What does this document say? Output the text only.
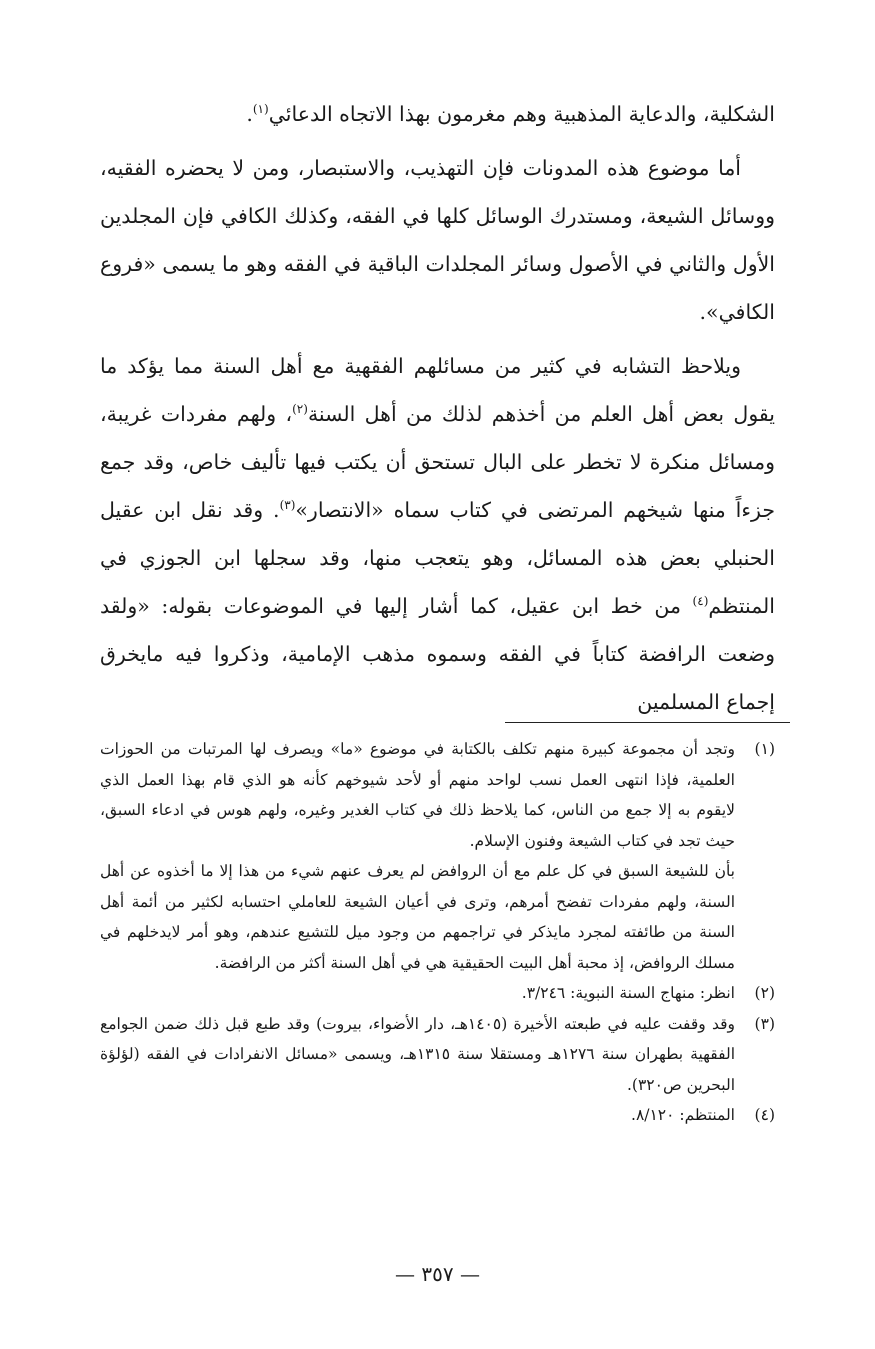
الشكلية، والدعاية المذهبية وهم مغرمون بهذا الاتجاه الدعائي$^{(١)}$.

أما موضوع هذه المدونات فإن التهذيب، والاستبصار، ومن لا يحضره الفقيه، ووسائل الشيعة، ومستدرك الوسائل كلها في الفقه، وكذلك الكافي فإن المجلدين الأول والثاني في الأصول وسائر المجلدات الباقية في الفقه وهو ما يسمى «فروع الكافي».

ويلاحظ التشابه في كثير من مسائلهم الفقهية مع أهل السنة مما يؤكد ما يقول بعض أهل العلم من أخذهم لذلك من أهل السنة$^{(٢)}$، ولهم مفردات غريبة، ومسائل منكرة لا تخطر على البال تستحق أن يكتب فيها تأليف خاص، وقد جمع جزءاً منها شيخهم المرتضى في كتاب سماه «الانتصار»$^{(٣)}$. وقد نقل ابن عقيل الحنبلي بعض هذه المسائل، وهو يتعجب منها، وقد سجلها ابن الجوزي في المنتظم$^{(٤)}$ من خط ابن عقيل، كما أشار إليها في الموضوعات بقوله: «ولقد وضعت الرافضة كتاباً في الفقه وسموه مذهب الإمامية، وذكروا فيه مايخرق إجماع المسلمين

(١)
وتجد أن مجموعة كبيرة منهم تكلف بالكتابة في موضوع «ما» ويصرف لها المرتبات من الحوزات العلمية، فإذا انتهى العمل نسب لواحد منهم أو لأحد شيوخهم كأنه هو الذي قام بهذا العمل الذي لايقوم به إلا جمع من الناس، كما يلاحظ ذلك في كتاب الغدير وغيره، ولهم هوس في ادعاء السبق، حيث تجد في كتاب الشيعة وفنون الإسلام.
بأن للشيعة السبق في كل علم مع أن الروافض لم يعرف عنهم شيء من هذا إلا ما أخذوه عن أهل السنة، ولهم مفردات تفضح أمرهم، وترى في أعيان الشيعة للعاملي احتسابه لكثير من أئمة أهل السنة من طائفته لمجرد مايذكر في تراجمهم من وجود ميل للتشيع عندهم، وهو أمر لايدخلهم في مسلك الروافض، إذ محبة أهل البيت الحقيقية هي في أهل السنة أكثر من الرافضة.
(٢)
انظر: منهاج السنة النبوية: ٣/٢٤٦.
(٣)
وقد وقفت عليه في طبعته الأخيرة (١٤٠٥هـ، دار الأضواء، بيروت) وقد طبع قبل ذلك ضمن الجوامع الفقهية بطهران سنة ١٢٧٦هـ ومستقلا سنة ١٣١٥هـ، ويسمى «مسائل الانفرادات في الفقه (لؤلؤة البحرين ص٣٢٠).
(٤)
المنتظم: ٨/١٢٠.
— ٣٥٧ —
